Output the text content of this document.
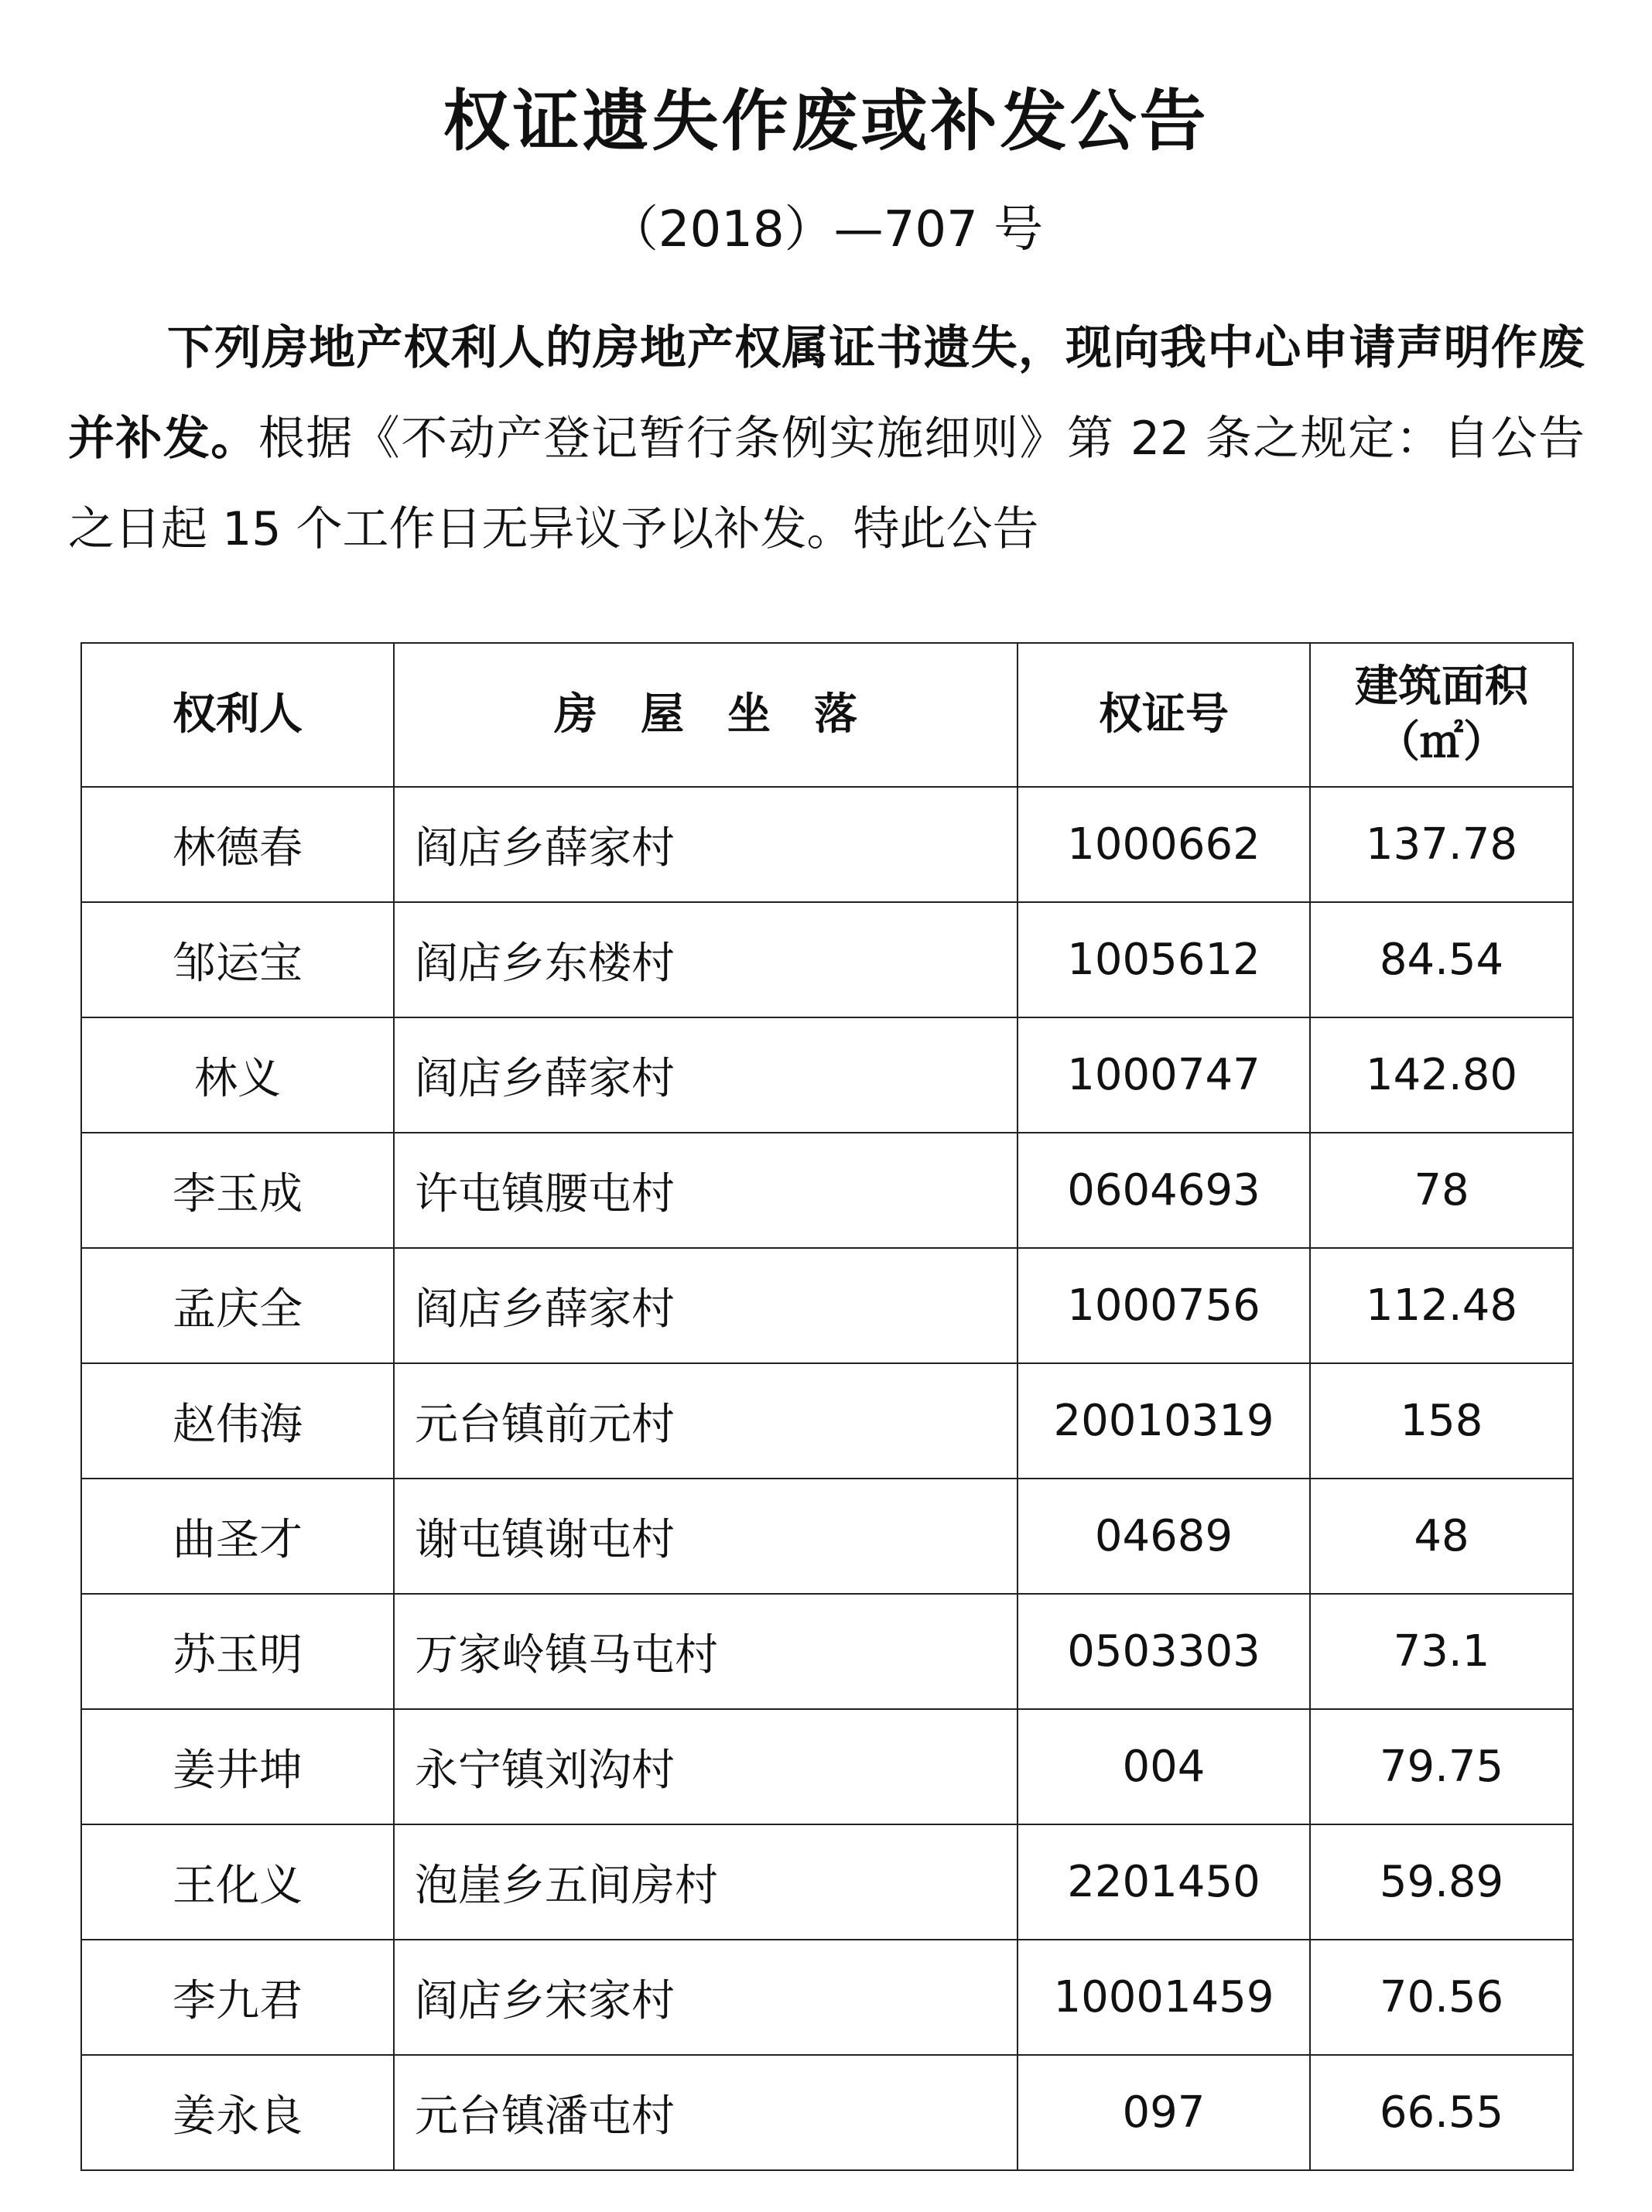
权证遗失作废或补发公告
（2018）—707 号
下列房地产权利人的房地产权属证书遗失，现向我中心申请声明作废并补发。根据《不动产登记暂行条例实施细则》第 22 条之规定：自公告之日起 15 个工作日无异议予以补发。特此公告
权利人	房屋坐落	权证号	建筑面积
（㎡）

林德春	阎店乡薛家村	1000662	137.78
邹运宝	阎店乡东楼村	1005612	84.54
林义	阎店乡薛家村	1000747	142.80
李玉成	许屯镇腰屯村	0604693	78
孟庆全	阎店乡薛家村	1000756	112.48
赵伟海	元台镇前元村	20010319	158
曲圣才	谢屯镇谢屯村	04689	48
苏玉明	万家岭镇马屯村	0503303	73.1
姜井坤	永宁镇刘沟村	004	79.75
王化义	泡崖乡五间房村	2201450	59.89
李九君	阎店乡宋家村	10001459	70.56
姜永良	元台镇潘屯村	097	66.55
